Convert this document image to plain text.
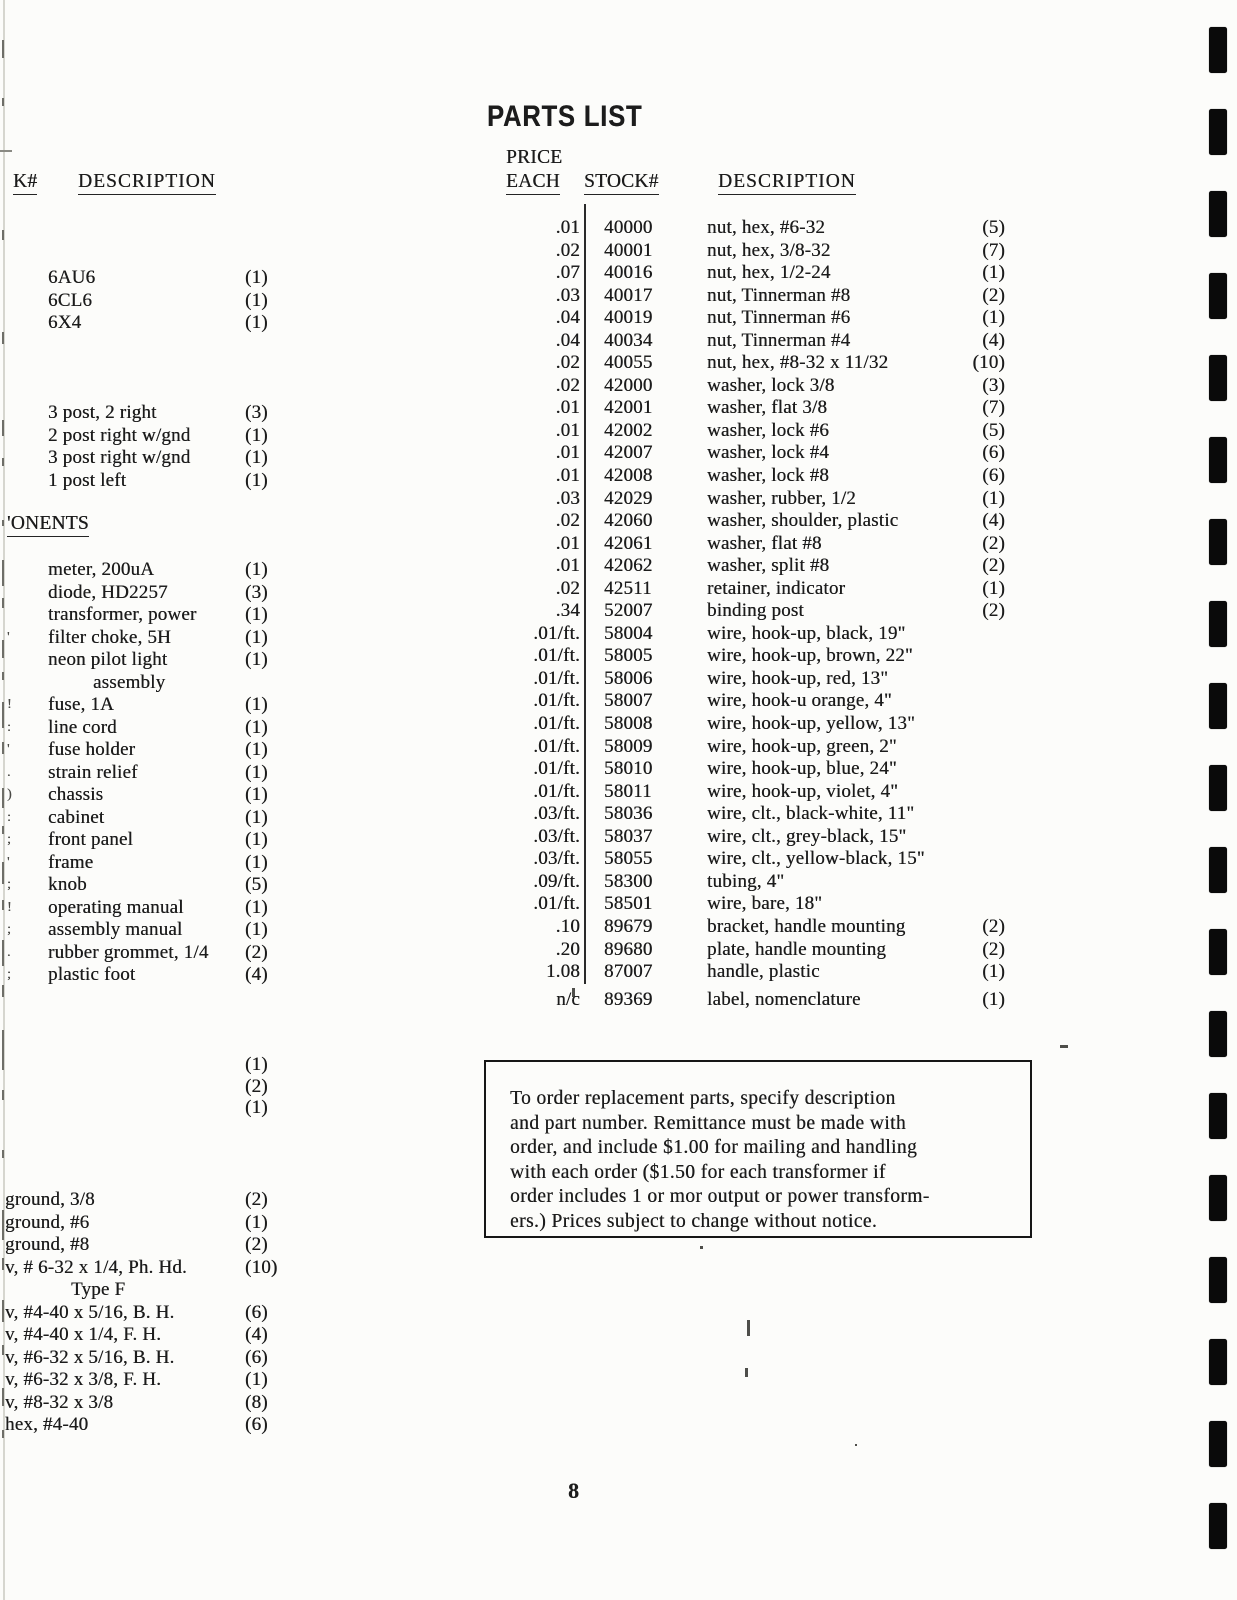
PARTS LIST
K# DESCRIPTION
6AU6	(1)
6CL6	(1)
6X4	(1)
3 post, 2 right	(3)
2 post right w/gnd	(1)
3 post right w/gnd	(1)
1 post left	(1)
'ONENTS
meter, 200uA	(1)
diode, HD2257	(3)
transformer, power	(1)
'	filter choke, 5H	(1)
neon pilot light	(1)
assembly
!	fuse, 1A	(1)
:	line cord	(1)
'	fuse holder	(1)
.	strain relief	(1)
)	chassis	(1)
:	cabinet	(1)
;	front panel	(1)
'	frame	(1)
;	knob	(5)
!	operating manual	(1)
;	assembly manual	(1)
.	rubber grommet, 1/4	(2)
;	plastic foot	(4)
(1)
(2)
(1)
ground, 3/8	(2)
ground, #6	(1)
ground, #8	(2)
v, # 6-32 x 1/4, Ph. Hd.	(10)
Type F
v, #4-40 x 5/16, B. H.	(6)
v, #4-40 x 1/4, F. H.	(4)
v, #6-32 x 5/16, B. H.	(6)
v, #6-32 x 3/8, F. H.	(1)
v, #8-32 x 3/8	(8)
hex, #4-40	(6)
PRICE
EACH STOCK#	DESCRIPTION
.01 40000	nut, hex, #6-32	(5)
.02 40001	nut, hex, 3/8-32	(7)
.07 40016	nut, hex, 1/2-24	(1)
.03 40017	nut, Tinnerman #8	(2)
.04 40019	nut, Tinnerman #6	(1)
.04 40034	nut, Tinnerman #4	(4)
.02 40055	nut, hex, #8-32 x 11/32	(10)
.02 42000	washer, lock 3/8	(3)
.01 42001	washer, flat 3/8	(7)
.01 42002	washer, lock #6	(5)
.01 42007	washer, lock #4	(6)
.01 42008	washer, lock #8	(6)
.03 42029	washer, rubber, 1/2	(1)
.02 42060	washer, shoulder, plastic	(4)
.01 42061	washer, flat #8	(2)
.01 42062	washer, split #8	(2)
.02 42511	retainer, indicator	(1)
.34 52007	binding post	(2)
.01/ft. 58004	wire, hook-up, black, 19"
.01/ft. 58005	wire, hook-up, brown, 22"
.01/ft. 58006	wire, hook-up, red, 13"
.01/ft. 58007	wire, hook-u orange, 4"
.01/ft. 58008	wire, hook-up, yellow, 13"
.01/ft. 58009	wire, hook-up, green, 2"
.01/ft. 58010	wire, hook-up, blue, 24"
.01/ft. 58011	wire, hook-up, violet, 4"
.03/ft. 58036	wire, clt., black-white, 11"
.03/ft. 58037	wire, clt., grey-black, 15"
.03/ft. 58055	wire, clt., yellow-black, 15"
.09/ft. 58300	tubing, 4"
.01/ft. 58501	wire, bare, 18"
.10 89679	bracket, handle mounting	(2)
.20 89680	plate, handle mounting	(2)
1.08 87007	handle, plastic	(1)
n/c 89369	label, nomenclature	(1)
To order replacement parts, specify description
and part number. Remittance must be made with
order, and include $1.00 for mailing and handling
with each order ($1.50 for each transformer if
order includes 1 or mor output or power transform-
ers.) Prices subject to change without notice.
8
